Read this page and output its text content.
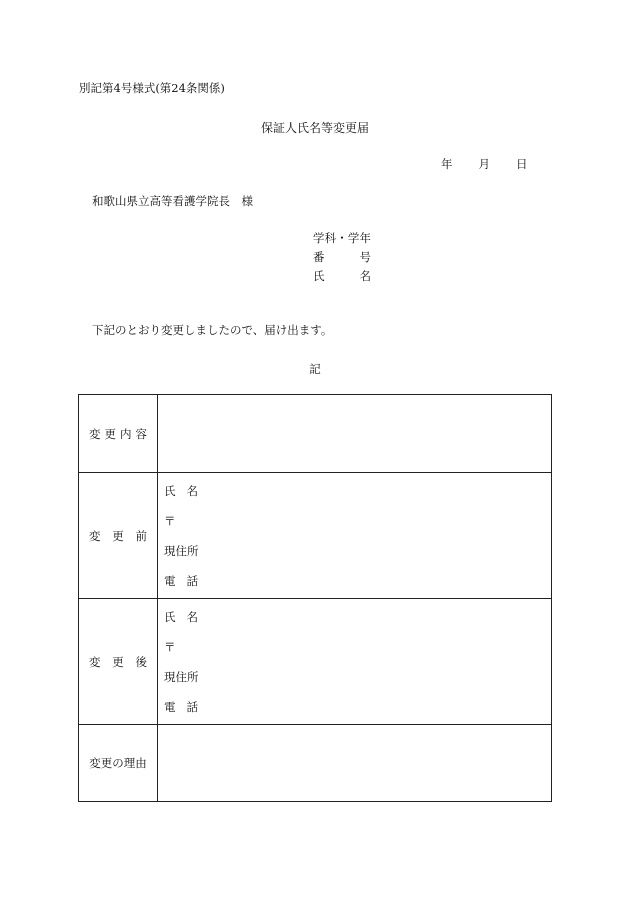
別記第4号様式(第24条関係)
保証人氏名等変更届
年 月 日
和歌山県立高等看護学院長　様
学科・学年
番　号
氏　名
下記のとおり変更しましたので、届け出ます。
記
変更内容	
変更前	氏名
〒
現住所
電話

変更後	氏名
〒
現住所
電話

変更の理由	
